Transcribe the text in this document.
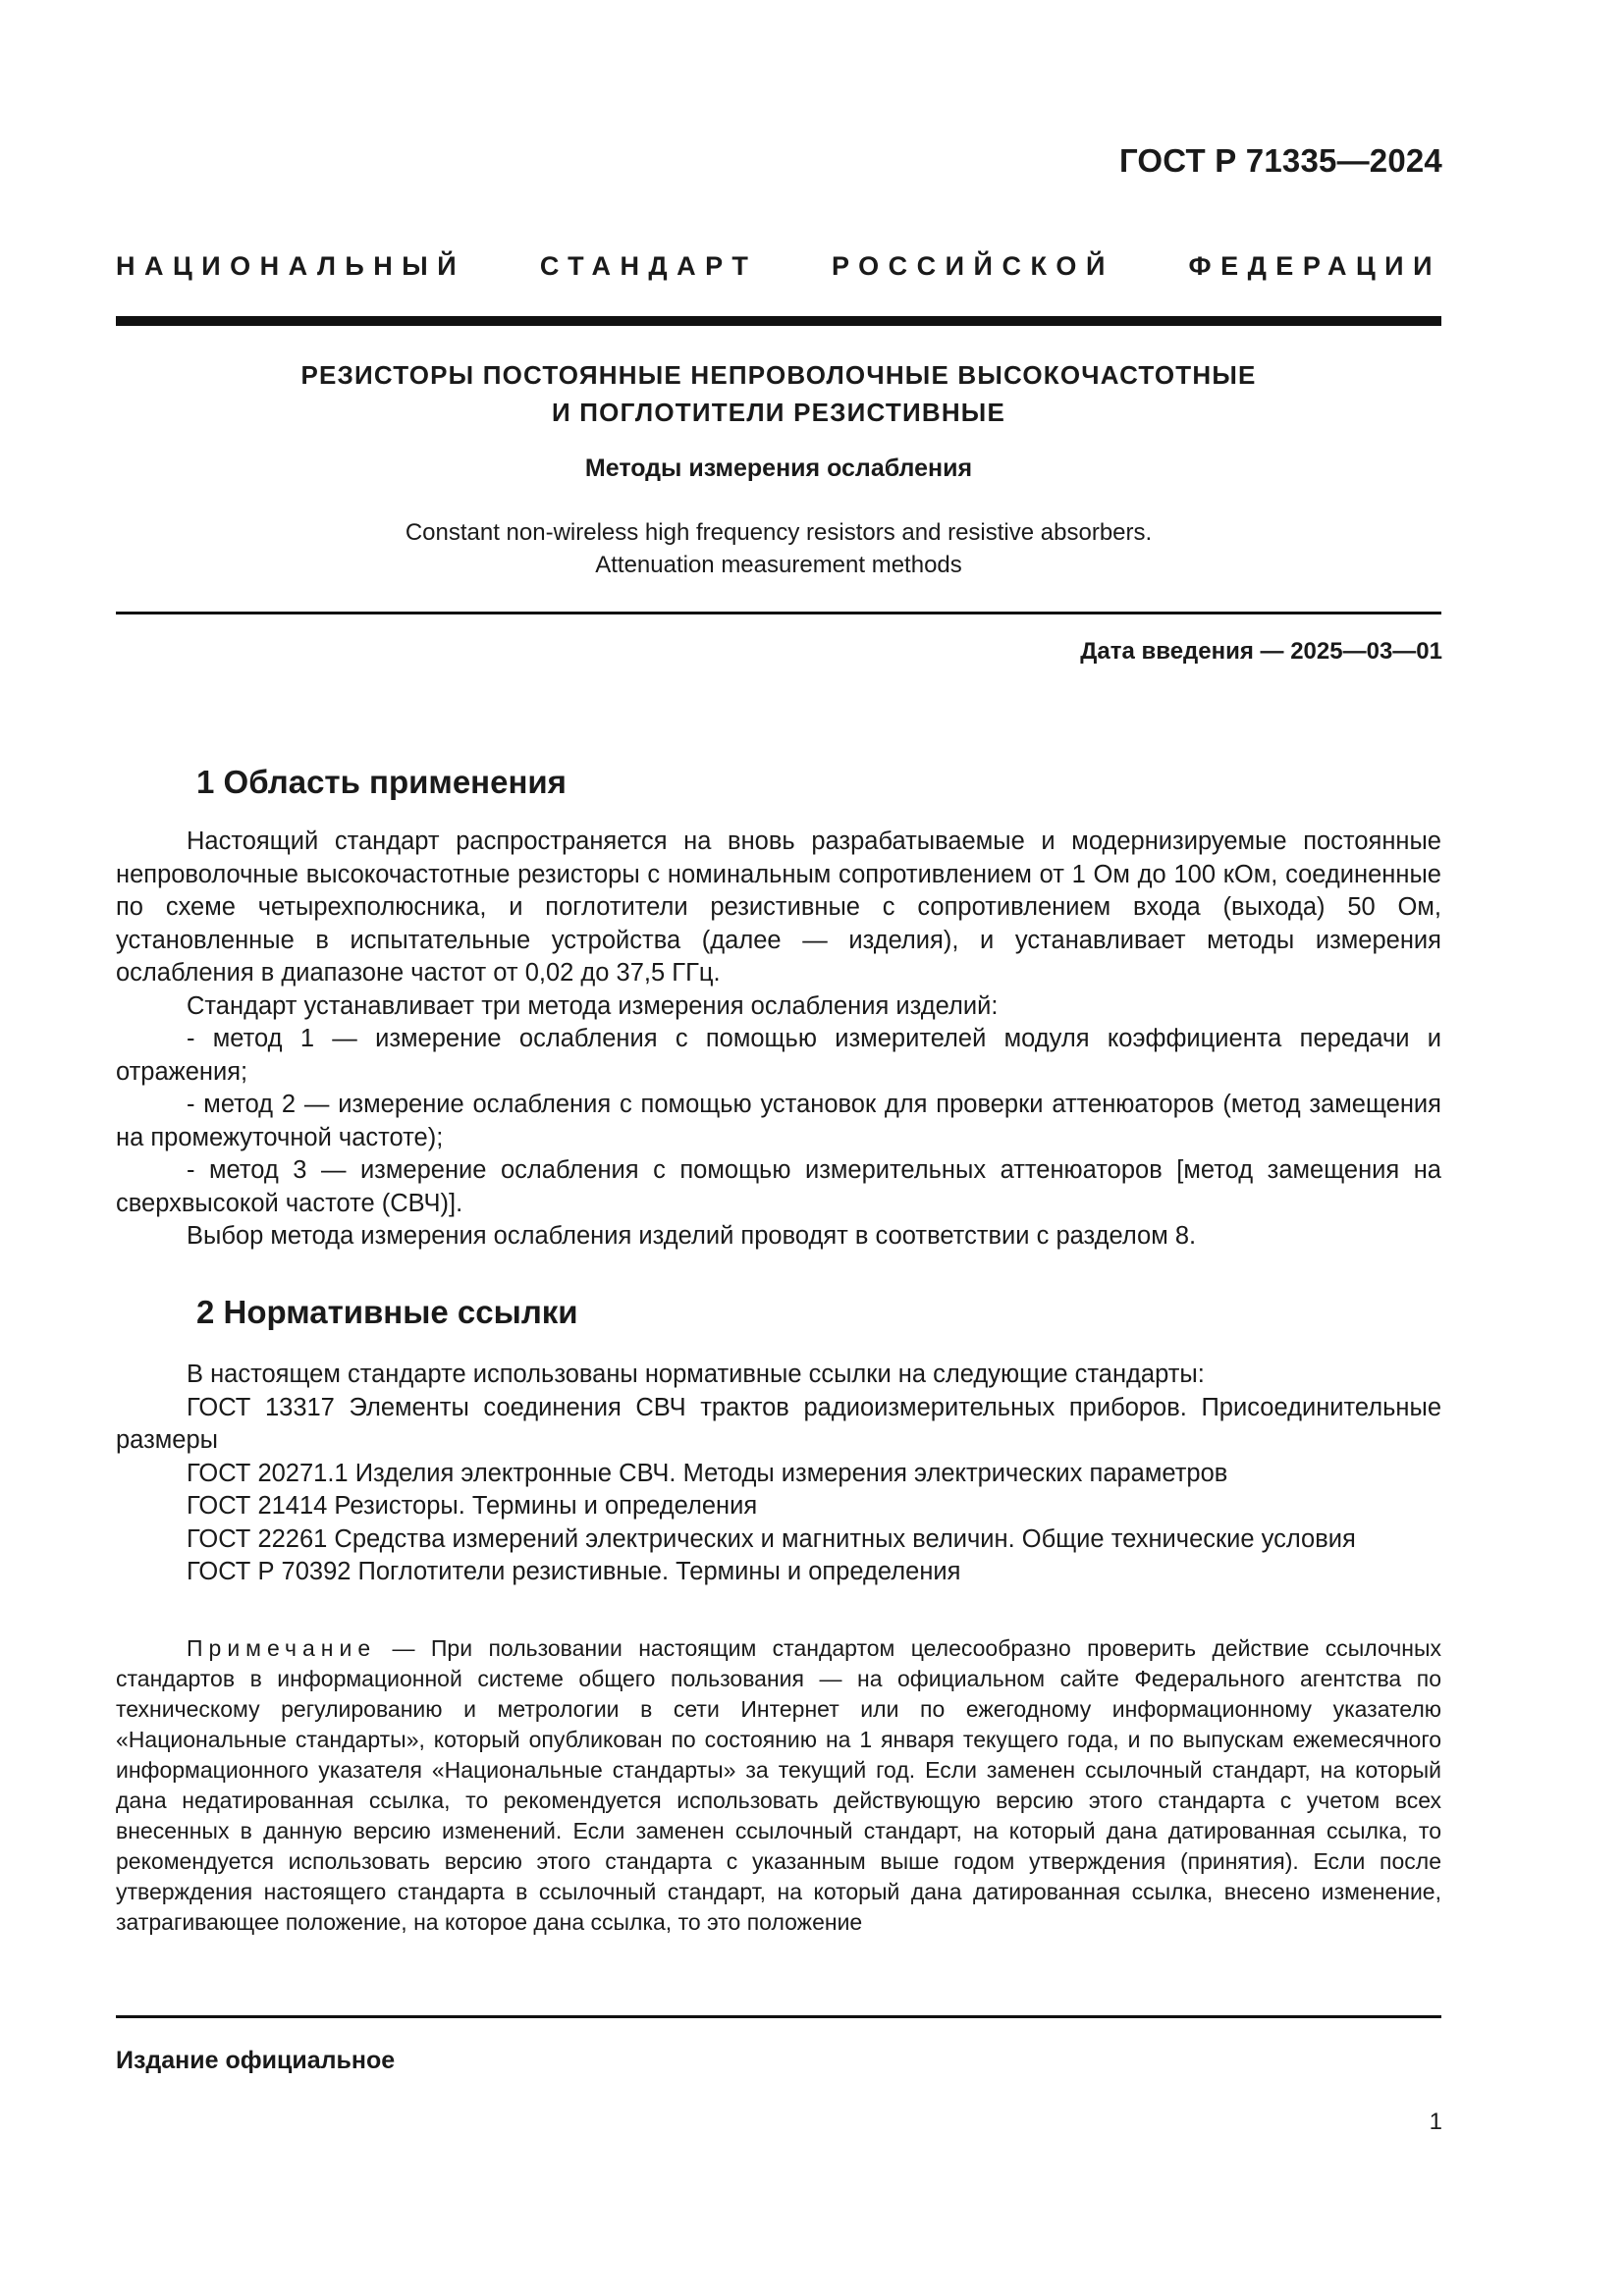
ГОСТ Р 71335—2024
НАЦИОНАЛЬНЫЙ СТАНДАРТ РОССИЙСКОЙ ФЕДЕРАЦИИ
РЕЗИСТОРЫ ПОСТОЯННЫЕ НЕПРОВОЛОЧНЫЕ ВЫСОКОЧАСТОТНЫЕ
И ПОГЛОТИТЕЛИ РЕЗИСТИВНЫЕ
Методы измерения ослабления
Constant non-wireless high frequency resistors and resistive absorbers.
Attenuation measurement methods
Дата введения — 2025—03—01
1 Область применения

Настоящий стандарт распространяется на вновь разрабатываемые и модернизируемые постоянные непроволочные высокочастотные резисторы с номинальным сопротивлением от 1 Ом до 100 кОм, соединенные по схеме четырехполюсника, и поглотители резистивные с сопротивлением входа (выхода) 50 Ом, установленные в испытательные устройства (далее — изделия), и устанавливает методы измерения ослабления в диапазоне частот от 0,02 до 37,5 ГГц.

Стандарт устанавливает три метода измерения ослабления изделий:

- метод 1 — измерение ослабления с помощью измерителей модуля коэффициента передачи и отражения;

- метод 2 — измерение ослабления с помощью установок для проверки аттенюаторов (метод замещения на промежуточной частоте);

- метод 3 — измерение ослабления с помощью измерительных аттенюаторов [метод замещения на сверхвысокой частоте (СВЧ)].

Выбор метода измерения ослабления изделий проводят в соответствии с разделом 8.

2 Нормативные ссылки

В настоящем стандарте использованы нормативные ссылки на следующие стандарты:

ГОСТ 13317 Элементы соединения СВЧ трактов радиоизмерительных приборов. Присоединительные размеры

ГОСТ 20271.1 Изделия электронные СВЧ. Методы измерения электрических параметров

ГОСТ 21414 Резисторы. Термины и определения

ГОСТ 22261 Средства измерений электрических и магнитных величин. Общие технические условия

ГОСТ Р 70392 Поглотители резистивные. Термины и определения

Примечание — При пользовании настоящим стандартом целесообразно проверить действие ссылочных стандартов в информационной системе общего пользования — на официальном сайте Федерального агентства по техническому регулированию и метрологии в сети Интернет или по ежегодному информационному указателю «Национальные стандарты», который опубликован по состоянию на 1 января текущего года, и по выпускам ежемесячного информационного указателя «Национальные стандарты» за текущий год. Если заменен ссылочный стандарт, на который дана недатированная ссылка, то рекомендуется использовать действующую версию этого стандарта с учетом всех внесенных в данную версию изменений. Если заменен ссылочный стандарт, на который дана датированная ссылка, то рекомендуется использовать версию этого стандарта с указанным выше годом утверждения (принятия). Если после утверждения настоящего стандарта в ссылочный стандарт, на который дана датированная ссылка, внесено изменение, затрагивающее положение, на которое дана ссылка, то это положение

Издание официальное
1
